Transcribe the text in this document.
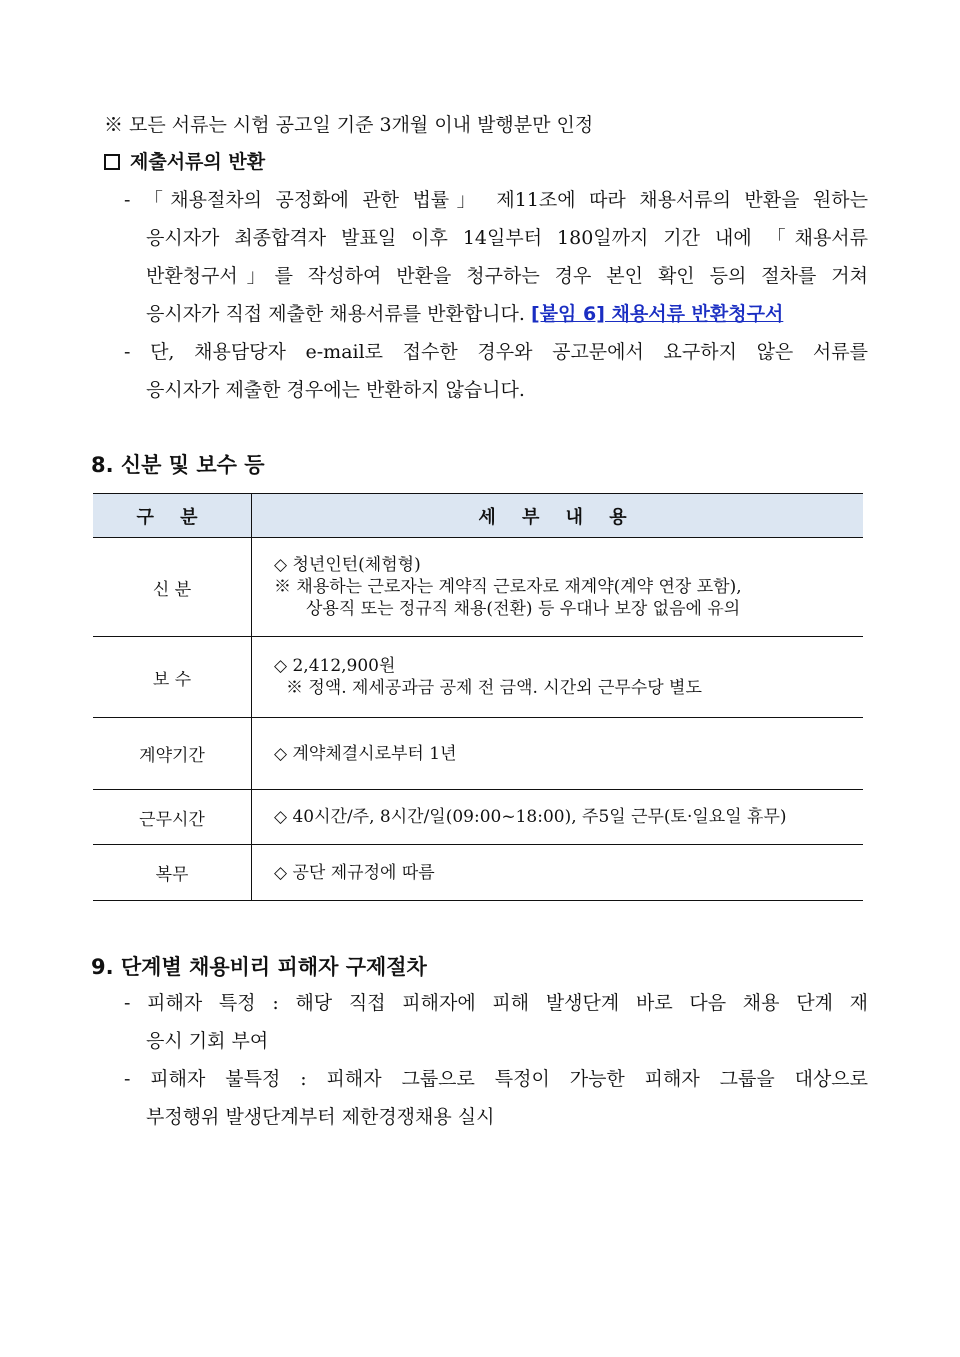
※ 모든 서류는 시험 공고일 기준 3개월 이내 발행분만 인정
제출서류의 반환
- 「채용절차의 공정화에 관한 법률」 제11조에 따라 채용서류의 반환을 원하는
응시자가 최종합격자 발표일 이후 14일부터 180일까지 기간 내에 「채용서류
반환청구서」를 작성하여 반환을 청구하는 경우 본인 확인 등의 절차를 거쳐
응시자가 직접 제출한 채용서류를 반환합니다. [붙임 6] 채용서류 반환청구서
- 단, 채용담당자 e-mail로 접수한 경우와 공고문에서 요구하지 않은 서류를
응시자가 제출한 경우에는 반환하지 않습니다.
8. 신분 및 보수 등
구 분	세 부 내 용
신 분	◇ 청년인턴(체험형)
※ 채용하는 근로자는 계약직 근로자로 재계약(계약 연장 포함),
상용직 또는 정규직 채용(전환) 등 우대나 보장 없음에 유의

보 수	◇ 2,412,900원
※ 정액. 제세공과금 공제 전 금액. 시간외 근무수당 별도

계약기간	◇ 계약체결시로부터 1년

근무시간	◇ 40시간/주, 8시간/일(09:00~18:00), 주5일 근무(토·일요일 휴무)

복무	◇ 공단 제규정에 따름
9. 단계별 채용비리 피해자 구제절차
- 피해자 특정 : 해당 직접 피해자에 피해 발생단계 바로 다음 채용 단계 재
응시 기회 부여
- 피해자 불특정 : 피해자 그룹으로 특정이 가능한 피해자 그룹을 대상으로
부정행위 발생단계부터 제한경쟁채용 실시
